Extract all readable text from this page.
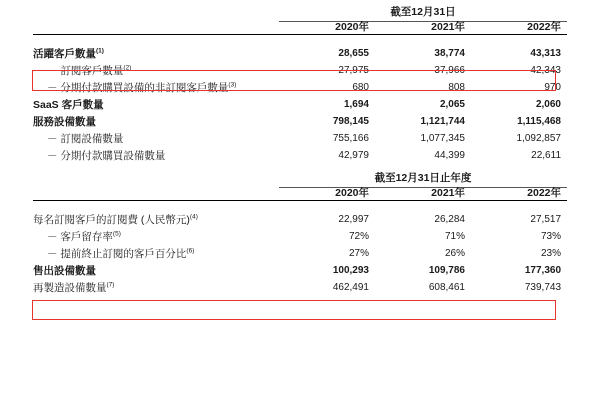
	截至12月31日		

	2020年	2021年	2022年

活躍客戶數量$^{(1)}$	28,655	38,774	43,313
－ 訂閱客戶數量$^{(2)}$	27,975	37,966	42,343
－ 分期付款購買設備的非訂閱客戶數量$^{(3)}$	680	808	970
SaaS 客戶數量	1,694	2,065	2,060
服務設備數量	798,145	1,121,744	1,115,468
－ 訂閱設備數量	755,166	1,077,345	1,092,857
－ 分期付款購買設備數量	42,979	44,399	22,611

	截至12月31日止年度		

	2020年	2021年	2022年

每名訂閱客戶的訂閱費 (人民幣元)$^{(4)}$	22,997	26,284	27,517
－ 客戶留存率$^{(5)}$	72%	71%	73%
－ 提前終止訂閱的客戶百分比$^{(6)}$	27%	26%	23%
售出設備數量	100,293	109,786	177,360
再製造設備數量$^{(7)}$	462,491	608,461	739,743
